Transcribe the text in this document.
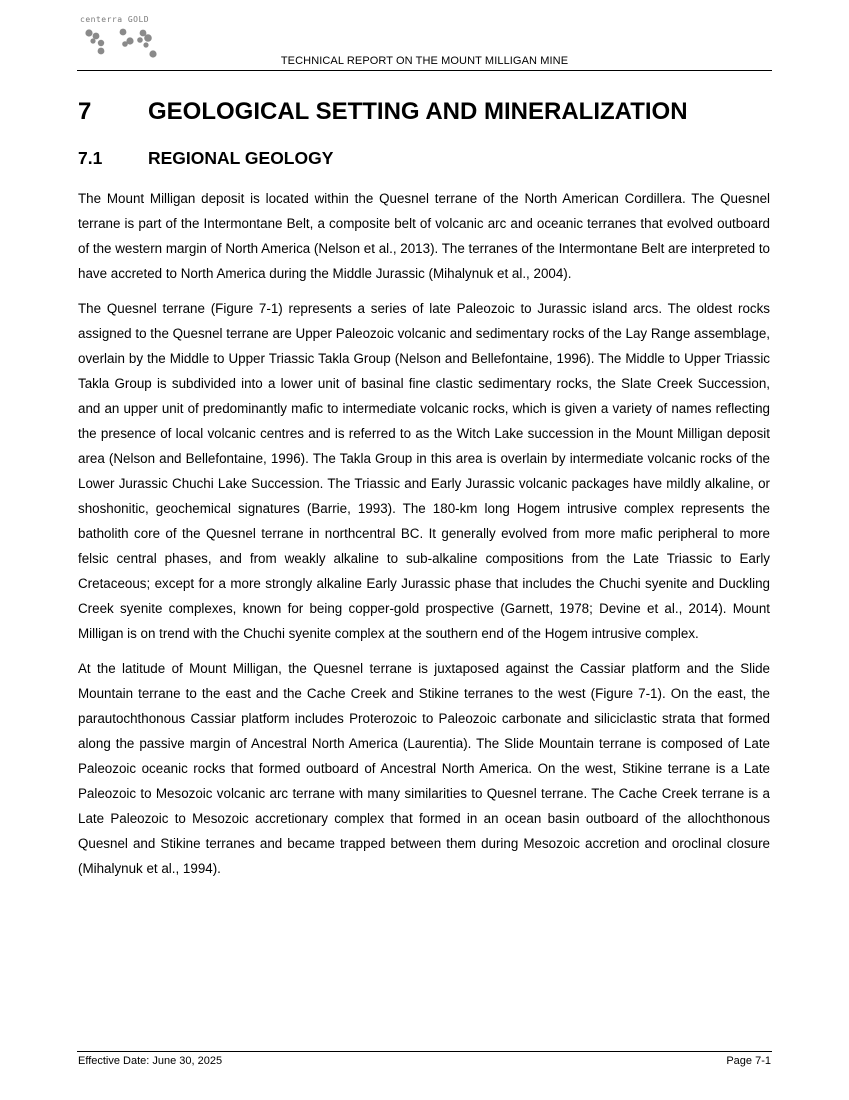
centerra GOLD
TECHNICAL REPORT ON THE MOUNT MILLIGAN MINE
7	GEOLOGICAL SETTING AND MINERALIZATION
7.1	REGIONAL GEOLOGY

The Mount Milligan deposit is located within the Quesnel terrane of the North American Cordillera. The Quesnel terrane is part of the Intermontane Belt, a composite belt of volcanic arc and oceanic terranes that evolved outboard of the western margin of North America (Nelson et al., 2013). The terranes of the Intermontane Belt are interpreted to have accreted to North America during the Middle Jurassic (Mihalynuk et al., 2004).

The Quesnel terrane (Figure 7-1) represents a series of late Paleozoic to Jurassic island arcs. The oldest rocks assigned to the Quesnel terrane are Upper Paleozoic volcanic and sedimentary rocks of the Lay Range assemblage, overlain by the Middle to Upper Triassic Takla Group (Nelson and Bellefontaine, 1996). The Middle to Upper Triassic Takla Group is subdivided into a lower unit of basinal fine clastic sedimentary rocks, the Slate Creek Succession, and an upper unit of predominantly mafic to intermediate volcanic rocks, which is given a variety of names reflecting the presence of local volcanic centres and is referred to as the Witch Lake succession in the Mount Milligan deposit area (Nelson and Bellefontaine, 1996). The Takla Group in this area is overlain by intermediate volcanic rocks of the Lower Jurassic Chuchi Lake Succession. The Triassic and Early Jurassic volcanic packages have mildly alkaline, or shoshonitic, geochemical signatures (Barrie, 1993). The 180-km long Hogem intrusive complex represents the batholith core of the Quesnel terrane in northcentral BC. It generally evolved from more mafic peripheral to more felsic central phases, and from weakly alkaline to sub-alkaline compositions from the Late Triassic to Early Cretaceous; except for a more strongly alkaline Early Jurassic phase that includes the Chuchi syenite and Duckling Creek syenite complexes, known for being copper-gold prospective (Garnett, 1978; Devine et al., 2014). Mount Milligan is on trend with the Chuchi syenite complex at the southern end of the Hogem intrusive complex.

At the latitude of Mount Milligan, the Quesnel terrane is juxtaposed against the Cassiar platform and the Slide Mountain terrane to the east and the Cache Creek and Stikine terranes to the west (Figure 7-1). On the east, the parautochthonous Cassiar platform includes Proterozoic to Paleozoic carbonate and siliciclastic strata that formed along the passive margin of Ancestral North America (Laurentia). The Slide Mountain terrane is composed of Late Paleozoic oceanic rocks that formed outboard of Ancestral North America. On the west, Stikine terrane is a Late Paleozoic to Mesozoic volcanic arc terrane with many similarities to Quesnel terrane. The Cache Creek terrane is a Late Paleozoic to Mesozoic accretionary complex that formed in an ocean basin outboard of the allochthonous Quesnel and Stikine terranes and became trapped between them during Mesozoic accretion and oroclinal closure (Mihalynuk et al., 1994).

Effective Date: June 30, 2025	Page 7-1
